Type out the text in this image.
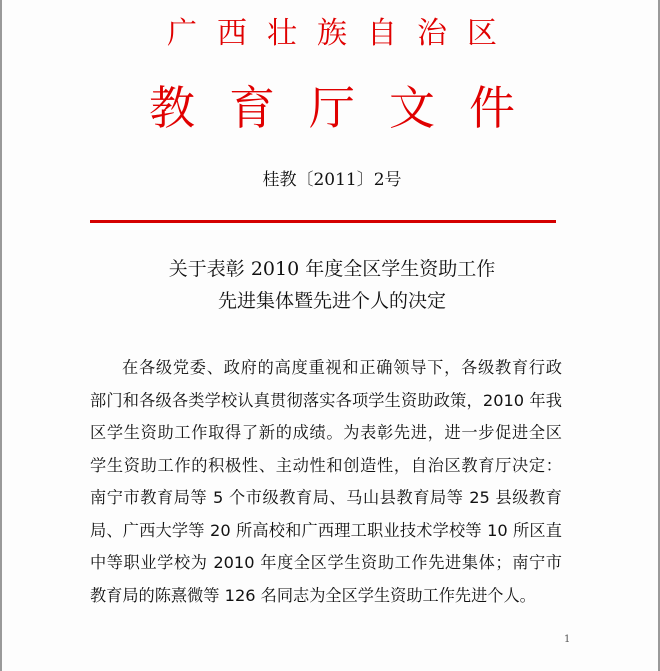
广西壮族自治区
教育厅文件
桂教〔2011〕2号
关于表彰 2010 年度全区学生资助工作
先进集体暨先进个人的决定
在各级党委、政府的高度重视和正确领导下，各级教育行政
部门和各级各类学校认真贯彻落实各项学生资助政策，2010 年我
区学生资助工作取得了新的成绩。为表彰先进，进一步促进全区
学生资助工作的积极性、主动性和创造性，自治区教育厅决定：
南宁市教育局等 5 个市级教育局、马山县教育局等 25 县级教育
局、广西大学等 20 所高校和广西理工职业技术学校等 10 所区直
中等职业学校为 2010 年度全区学生资助工作先进集体；南宁市
教育局的陈熹微等 126 名同志为全区学生资助工作先进个人。
1
